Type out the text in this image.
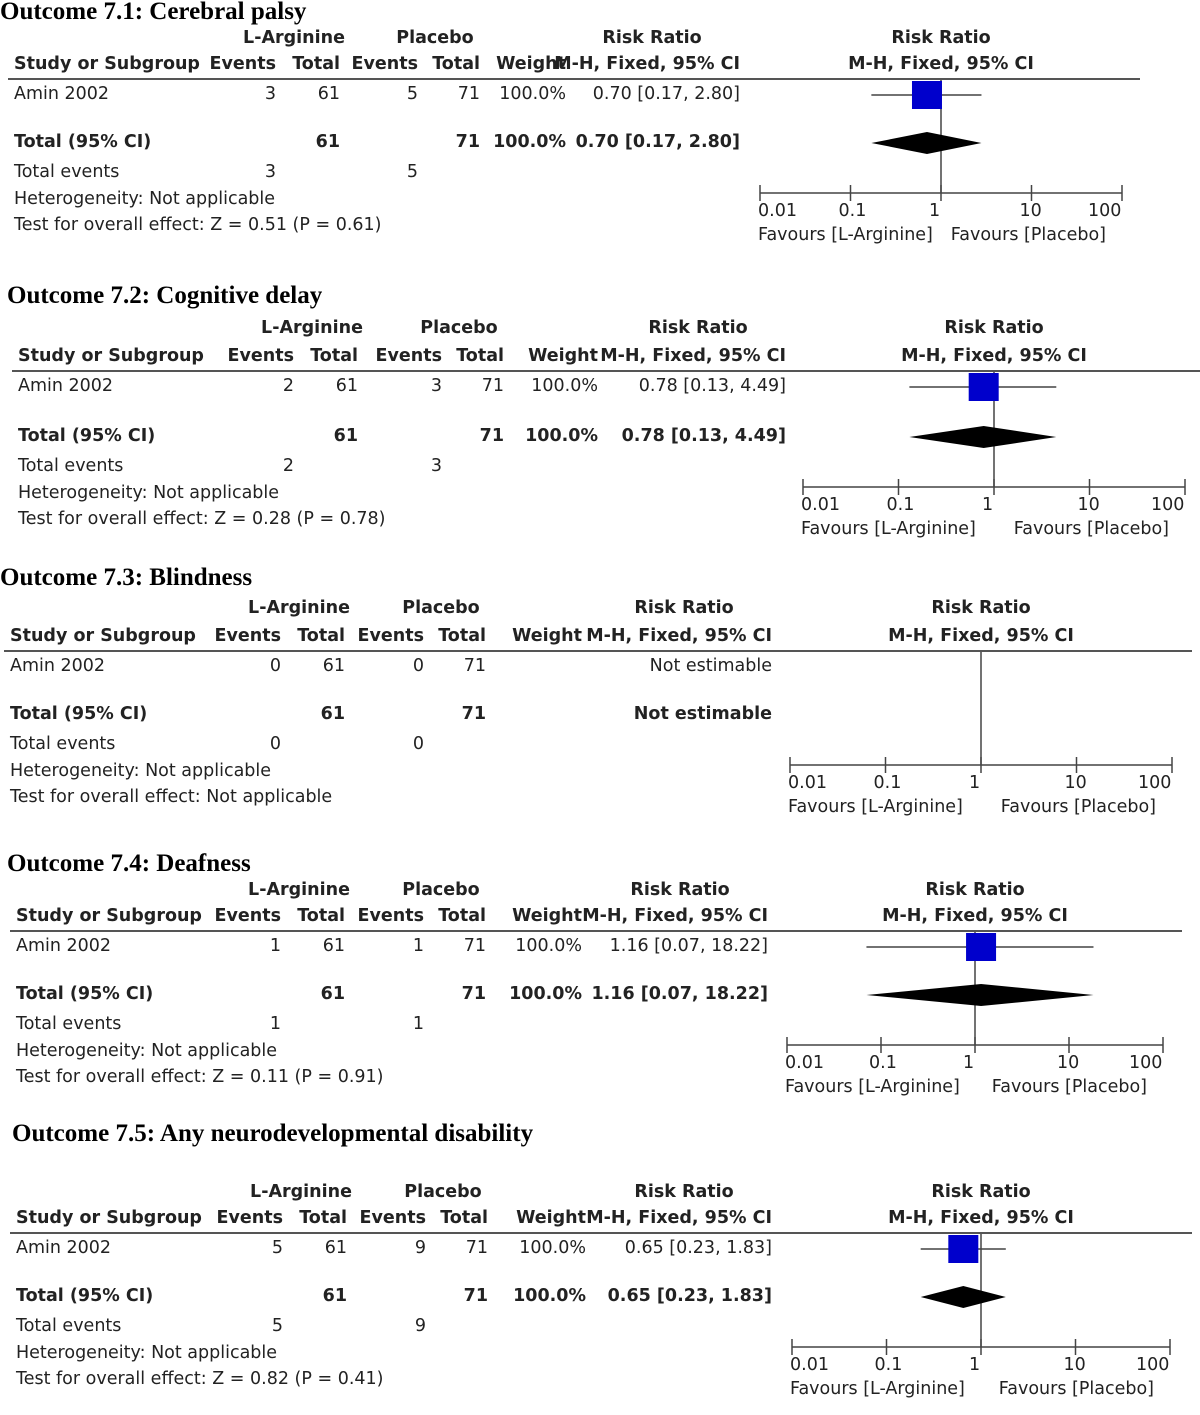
Outcome 7.1: Cerebral palsy
L-Arginine	Placebo	Risk Ratio	Risk Ratio
Study or Subgroup Events Total Events Total Weight
M-H, Fixed, 95% CI	M-H, Fixed, 95% CI
Amin 2002	3 61	5 71 100.0% 0.70 [0.17, 2.80]
Total (95% CI)	61	71 100.0% 0.70 [0.17, 2.80]
Total events	3	5
Heterogeneity: Not applicable
Test for overall effect: Z = 0.51 (P = 0.61)
0.01 0.1	1	10	100
Favours [L-Arginine] Favours [Placebo]
Outcome 7.2: Cognitive delay
L-Arginine	Placebo	Risk Ratio	Risk Ratio
Study or Subgroup Events Total Events Total Weight M-H, Fixed, 95% CI	M-H, Fixed, 95% CI
Amin 2002	2 61	3 71 100.0% 0.78 [0.13, 4.49]
Total (95% CI)	61	71 100.0% 0.78 [0.13, 4.49]
Total events	2	3
Heterogeneity: Not applicable
Test for overall effect: Z = 0.28 (P = 0.78)
0.01	0.1	1	10	100
Favours [L-Arginine] Favours [Placebo]
Outcome 7.3: Blindness
L-Arginine	Placebo	Risk Ratio	Risk Ratio
Study or Subgroup Events Total Events Total Weight M-H, Fixed, 95% CI	M-H, Fixed, 95% CI
Amin 2002	0 61	0 71	Not estimable
Total (95% CI)	61	71	Not estimable
Total events	0	0
Heterogeneity: Not applicable
Test for overall effect: Not applicable
0.01	0.1	1	10	100
Favours [L-Arginine] Favours [Placebo]
Outcome 7.4: Deafness
L-Arginine	Placebo	Risk Ratio	Risk Ratio
Study or Subgroup Events Total Events Total Weight M-H, Fixed, 95% CI	M-H, Fixed, 95% CI
Amin 2002	1 61	1 71 100.0% 1.16 [0.07, 18.22]
Total (95% CI)	61	71 100.0% 1.16 [0.07, 18.22]
Total events	1	1
Heterogeneity: Not applicable
Test for overall effect: Z = 0.11 (P = 0.91)
0.01	0.1	1	10	100
Favours [L-Arginine] Favours [Placebo]
Outcome 7.5: Any neurodevelopmental disability
L-Arginine	Placebo	Risk Ratio	Risk Ratio
Study or Subgroup Events Total Events Total Weight M-H, Fixed, 95% CI	M-H, Fixed, 95% CI
Amin 2002	5 61	9 71 100.0% 0.65 [0.23, 1.83]
Total (95% CI)	61	71 100.0% 0.65 [0.23, 1.83]
Total events	5	9
Heterogeneity: Not applicable
Test for overall effect: Z = 0.82 (P = 0.41)
0.01	0.1	1	10	100
Favours [L-Arginine] Favours [Placebo]
